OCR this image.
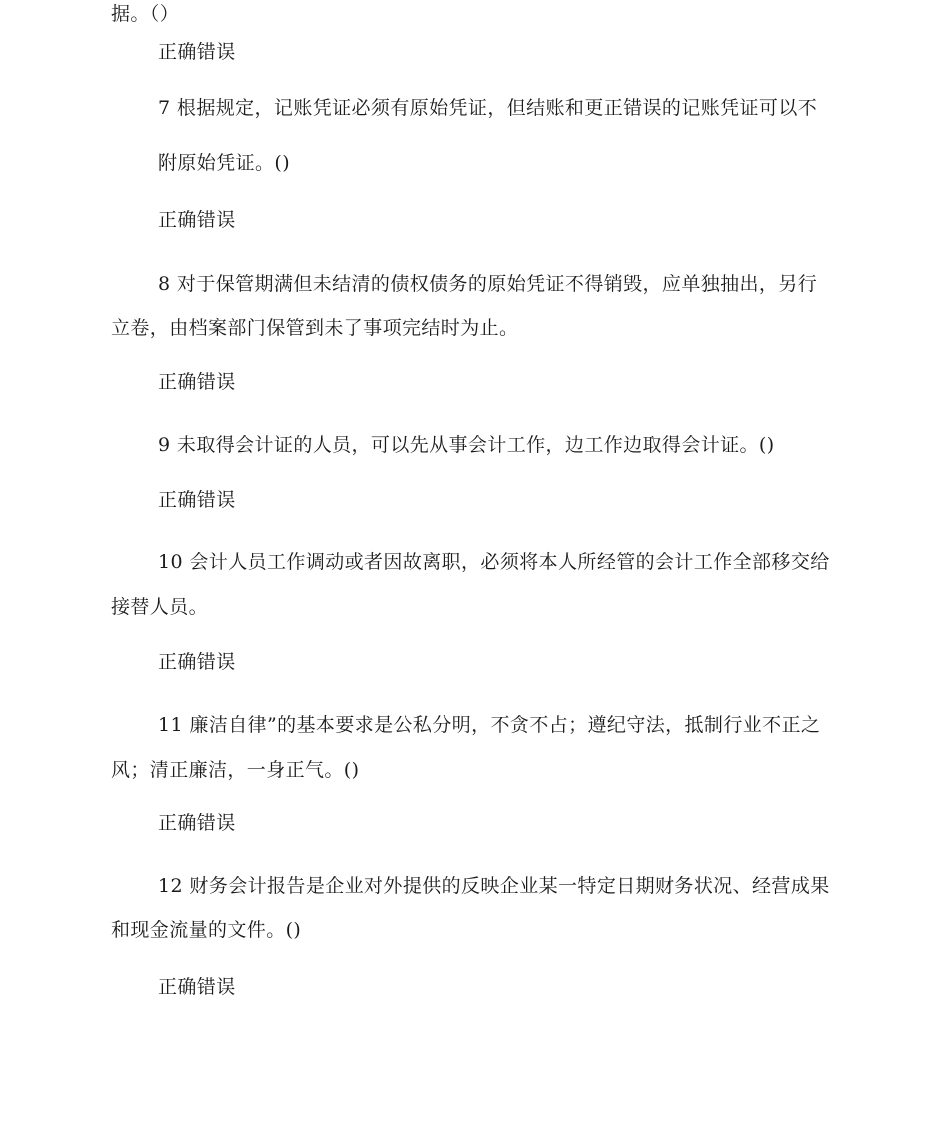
据。（）
正确错误
7 根据规定，记账凭证必须有原始凭证，但结账和更正错误的记账凭证可以不
附原始凭证。()
正确错误
8 对于保管期满但未结清的债权债务的原始凭证不得销毁，应单独抽出，另行
立卷，由档案部门保管到未了事项完结时为止。
正确错误
9 未取得会计证的人员，可以先从事会计工作，边工作边取得会计证。()
正确错误
10 会计人员工作调动或者因故离职，必须将本人所经管的会计工作全部移交给
接替人员。
正确错误
11 廉洁自律”的基本要求是公私分明，不贪不占；遵纪守法，抵制行业不正之
风；清正廉洁，一身正气。()
正确错误
12 财务会计报告是企业对外提供的反映企业某一特定日期财务状况、经营成果
和现金流量的文件。()
正确错误
